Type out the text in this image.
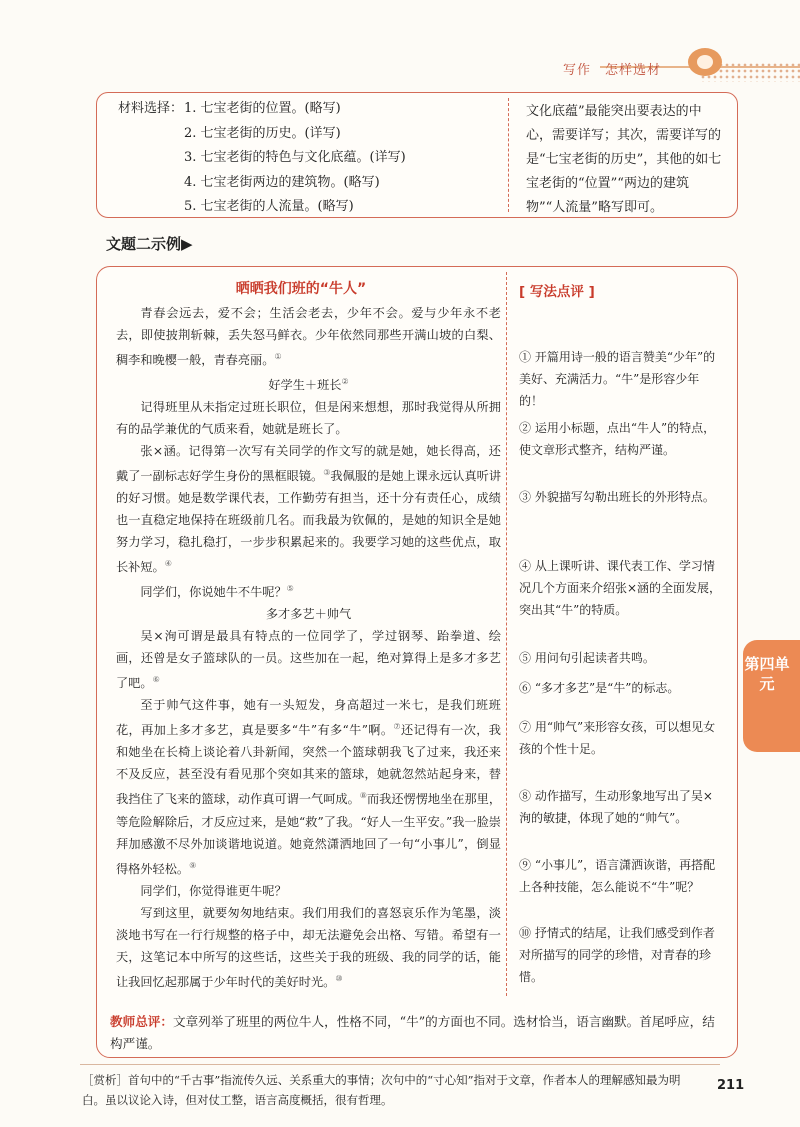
写作　怎样选材
材料选择： 1. 七宝老街的位置。(略写)
2. 七宝老街的历史。(详写)
3. 七宝老街的特色与文化底蕴。(详写)
4. 七宝老街两边的建筑物。(略写)
5. 七宝老街的人流量。(略写)
文化底蕴”最能突出要表达的中心，需要详写；其次，需要详写的是“七宝老街的历史”，其他的如七宝老街的“位置”“两边的建筑物”“人流量”略写即可。
文题二示例▶
晒晒我们班的“牛人”

青春会远去，爱不会；生活会老去，少年不会。爱与少年永不老去，即使披荆斩棘，丢失怒马鲜衣。少年依然同那些开满山坡的白梨、稠李和晚樱一般，青春亮丽。①

好学生＋班长②

记得班里从未指定过班长职位，但是闲来想想，那时我觉得从所拥有的品学兼优的气质来看，她就是班长了。

张×涵。记得第一次写有关同学的作文写的就是她，她长得高，还戴了一副标志好学生身份的黑框眼镜。③我佩服的是她上课永远认真听讲的好习惯。她是数学课代表，工作勤劳有担当，还十分有责任心，成绩也一直稳定地保持在班级前几名。而我最为钦佩的，是她的知识全是她努力学习，稳扎稳打，一步步积累起来的。我要学习她的这些优点，取长补短。④

同学们，你说她牛不牛呢？⑤

多才多艺＋帅气

吴×洵可谓是最具有特点的一位同学了，学过钢琴、跆拳道、绘画，还曾是女子篮球队的一员。这些加在一起，绝对算得上是多才多艺了吧。⑥

至于帅气这件事，她有一头短发，身高超过一米七，是我们班班花，再加上多才多艺，真是要多“牛”有多“牛”啊。⑦还记得有一次，我和她坐在长椅上谈论着八卦新闻，突然一个篮球朝我飞了过来，我还来不及反应，甚至没有看见那个突如其来的篮球，她就忽然站起身来，替我挡住了飞来的篮球，动作真可谓一气呵成。⑧而我还愣愣地坐在那里，等危险解除后，才反应过来，是她“救”了我。“好人一生平安。”我一脸崇拜加感激不尽外加谈谐地说道。她竟然潇洒地回了一句“小事儿”，倒显得格外轻松。⑨

同学们，你觉得谁更牛呢？

写到这里，就要匆匆地结束。我们用我们的喜怒哀乐作为笔墨，淡淡地书写在一行行规整的格子中，却无法避免会出格、写错。希望有一天，这笔记本中所写的这些话，这些关于我的班级、我的同学的话，能让我回忆起那属于少年时代的美好时光。⑩

[ 写法点评 ]
① 开篇用诗一般的语言赞美“少年”的美好、充满活力。“牛”是形容少年的！
② 运用小标题，点出“牛人”的特点，使文章形式整齐，结构严谨。
③ 外貌描写勾勒出班长的外形特点。
④ 从上课听讲、课代表工作、学习情况几个方面来介绍张×涵的全面发展，突出其“牛”的特质。
⑤ 用问句引起读者共鸣。
⑥ “多才多艺”是“牛”的标志。
⑦ 用“帅气”来形容女孩，可以想见女孩的个性十足。
⑧ 动作描写，生动形象地写出了吴×洵的敏捷，体现了她的“帅气”。
⑨ “小事儿”，语言潇洒诙谐，再搭配上各种技能，怎么能说不“牛”呢？
⑩ 抒情式的结尾，让我们感受到作者对所描写的同学的珍惜，对青春的珍惜。
教师总评：文章列举了班里的两位牛人，性格不同，“牛”的方面也不同。选材恰当，语言幽默。首尾呼应，结构严谨。
第四单元
［赏析］首句中的“千古事”指流传久远、关系重大的事情；次句中的“寸心知”指对于文章，作者本人的理解感知最为明白。虽以议论入诗，但对仗工整，语言高度概括，很有哲理。
211
